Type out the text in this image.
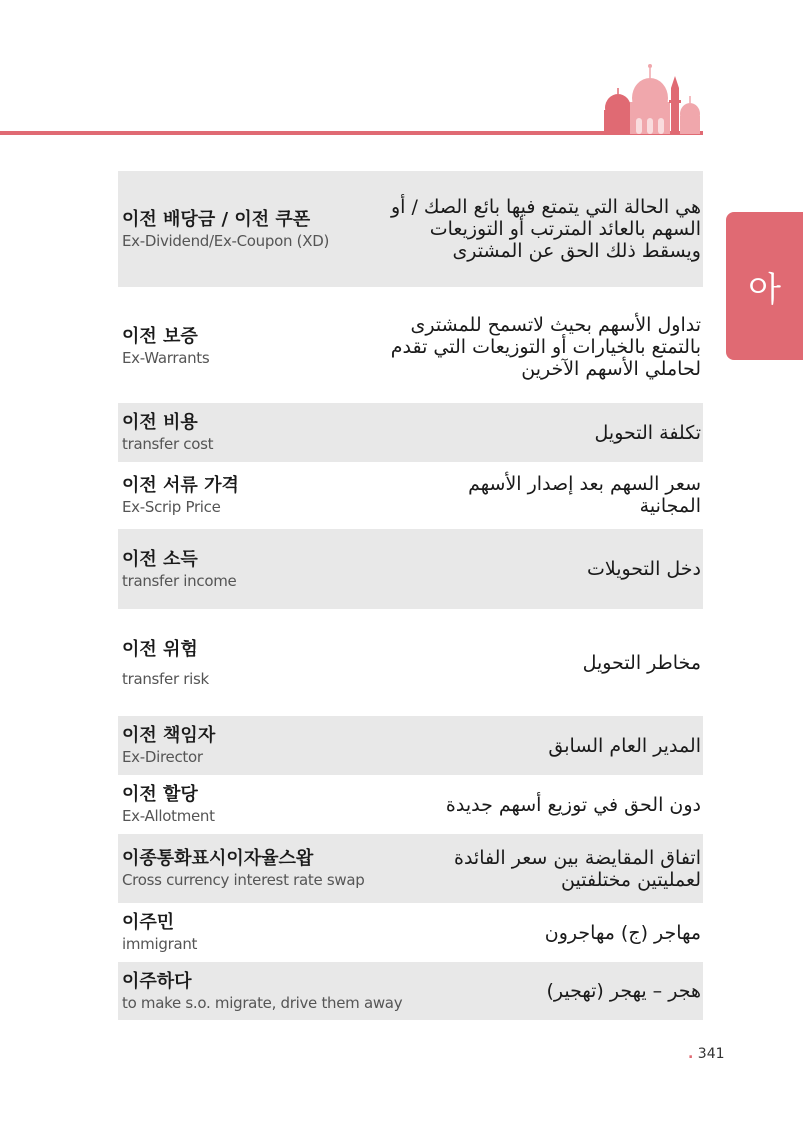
아
이전 배당금 / 이전 쿠폰
Ex-Dividend/Ex-Coupon (XD)
هي الحالة التي يتمتع فيها بائع الصك / أو السهم بالعائد المترتب أو التوزيعات ويسقط ذلك الحق عن المشترى
이전 보증
Ex-Warrants
تداول الأسهم بحيث لاتسمح للمشترى بالتمتع بالخيارات أو التوزيعات التي تقدم لحاملي الأسهم الآخرين
이전 비용
transfer cost
تكلفة التحويل
이전 서류 가격
Ex-Scrip Price
سعر السهم بعد إصدار الأسهم المجانية
이전 소득
transfer income
دخل التحويلات
이전 위험
transfer risk
مخاطر التحويل
이전 책임자
Ex-Director
المدير العام السابق
이전 할당
Ex-Allotment
دون الحق في توزيع أسهم جديدة
이종통화표시이자율스왑
Cross currency interest rate swap
اتفاق المقايضة بين سعر الفائدة لعمليتين مختلفتين
이주민
immigrant
مهاجر (ج) مهاجرون
이주하다
to make s.o. migrate, drive them away
هجر – يهجر (تهجير)
. 341
